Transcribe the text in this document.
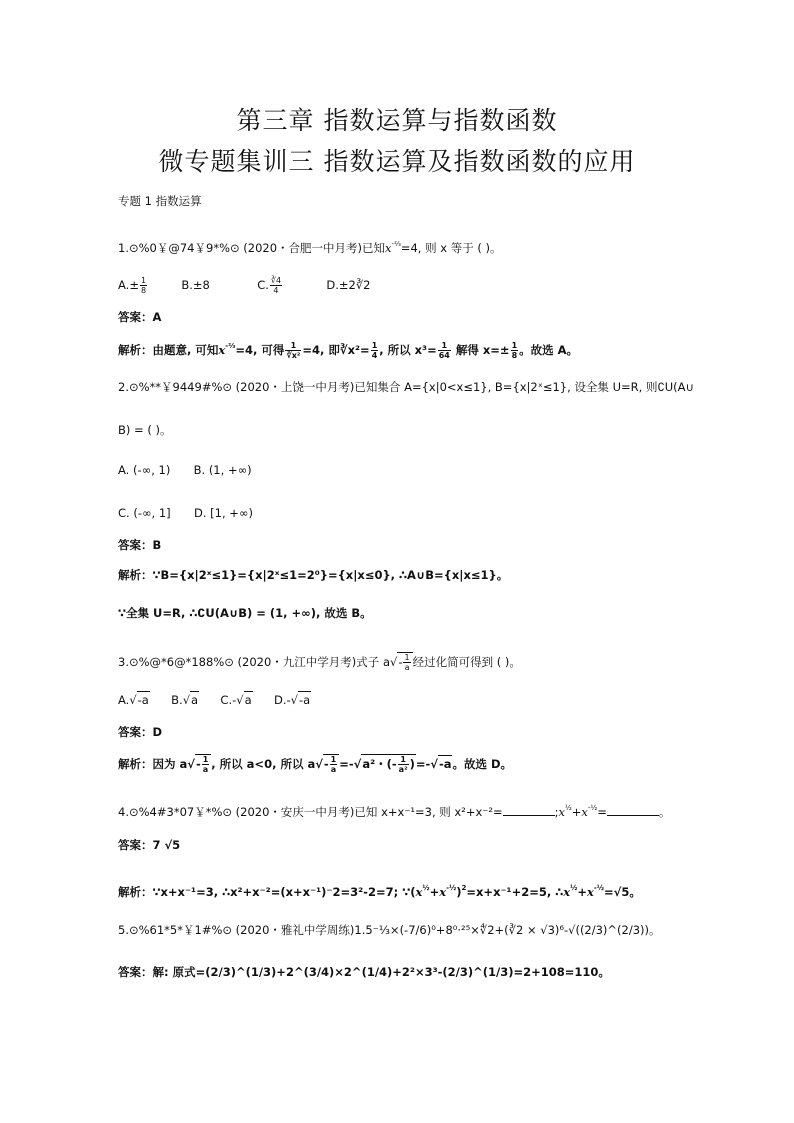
第三章 指数运算与指数函数
微专题集训三 指数运算及指数函数的应用
专题 1 指数运算
1.⊙%0￥@74￥9*%⊙ (2020・合肥一中月考)已知$x^{-\frac{2}{3}}=4$, 则 x 等于 ( )。
$A.\pm \frac{1}{8}$	B.±8	C. $\frac{∛4}{4}$	D.±2∛2
答案：A
解析：由题意, 可知$x^{-\frac{2}{3}}=4$, 可得 $\frac{1}{\text{∛x²}} =4$, 即∛x²= $\frac{1}{4}$ , 所以 $x^3= \frac{1}{64}$ 解得 $x=\pm \frac{1}{8}$ 。故选 A。
2.⊙%**￥9449#%⊙ (2020・上饶一中月考)已知集合 A={x|0<x≤1}, B={x|2ˣ≤1}, 设全集 U=R, 则∁U(A∪
B) = ( )。
A. (-∞, 1) B. (1, +∞)
C. (-∞, 1] D. [1, +∞)
答案：B
解析：∵B={x|2ˣ≤1}={x|2ˣ≤1=2⁰}={x|x≤0}, ∴A∪B={x|x≤1}。
∵全集 U=R, ∴∁U(A∪B) = (1, +∞), 故选 B。
3.⊙%@*6@*188%⊙ (2020・九江中学月考)式子 $a√- \frac{1}{a}$ 经过化简可得到 ( )。
A.√-a B.√a C.-√a D.-√-a
答案：D
解析：因为 $a√- \frac{1}{a}$ , 所以 a<0, 所以 $a√- \frac{1}{a} =-√a^2$・(- $\frac{1}{\text{a²}} )=-√-a$。故选 D。
4.⊙%4#3*07￥*%⊙ (2020・安庆一中月考)已知 x+x⁻¹=3, 则 x²+x⁻²=	$;x^{\frac{1}{2}}+x^{-\frac{1}{2}}=$	。
答案：7 √5
解析：∵x+x⁻¹=3, ∴x²+x⁻²=(x+x⁻¹)⁻2=3²-2=7; $\because(x^{\frac{1}{2}}+x^{-\frac{1}{2}})^2=x+x^{-1}+2=5$, $\therefore x^{\frac{1}{2}}+x^{-\frac{1}{2}}=√5$。
5.⊙%61*5*￥1#%⊙ (2020・雅礼中学周练)1.5⁻⅓×(-7/6)⁰+8⁰·²⁵×∜2+(∛2 × √3)⁶-√((2/3)^(2/3))。
答案：解: 原式=(2/3)^(1/3)+2^(3/4)×2^(1/4)+2²×3³-(2/3)^(1/3)=2+108=110。
